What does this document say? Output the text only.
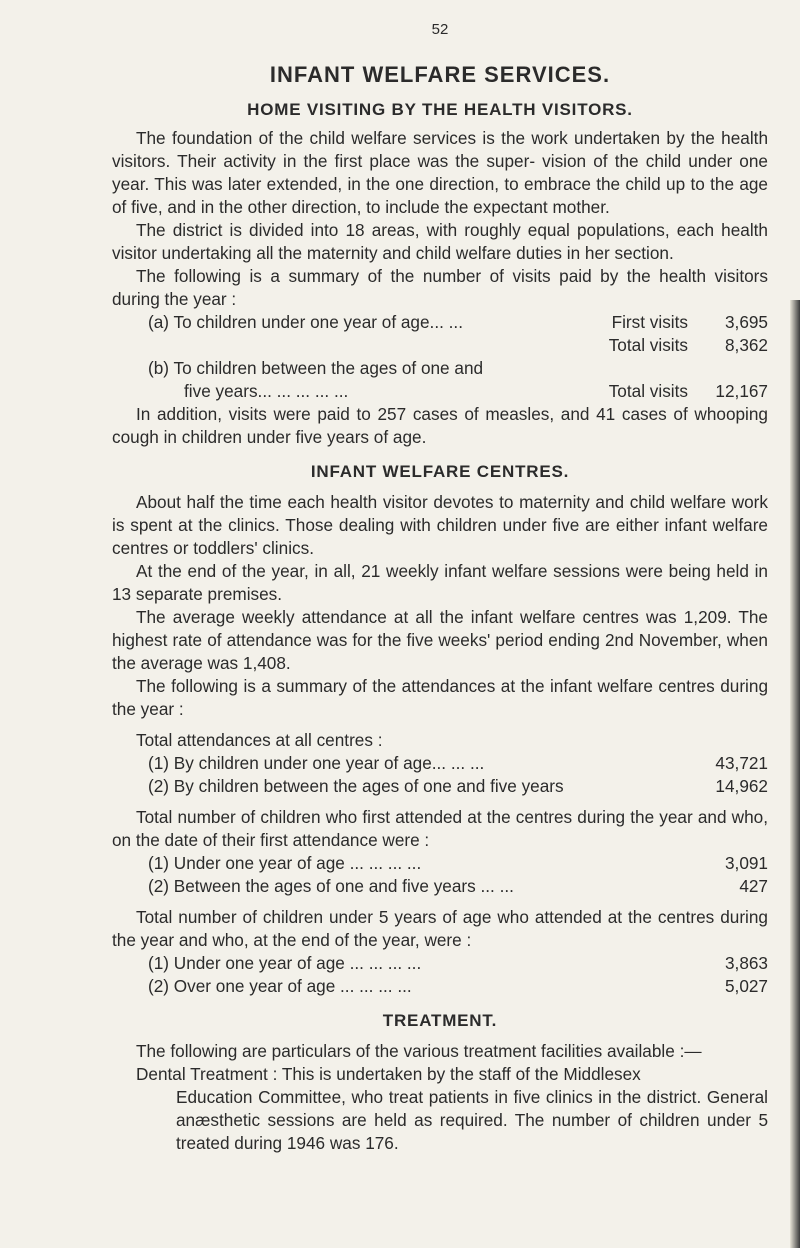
52
INFANT WELFARE SERVICES.
HOME VISITING BY THE HEALTH VISITORS.

The foundation of the child welfare services is the work undertaken by the health visitors. Their activity in the first place was the super- vision of the child under one year. This was later extended, in the one direction, to embrace the child up to the age of five, and in the other direction, to include the expectant mother.

The district is divided into 18 areas, with roughly equal populations, each health visitor undertaking all the maternity and child welfare duties in her section.

The following is a summary of the number of visits paid by the health visitors during the year :

(a) To children under one year of age... ...	First visits	3,695
Total visits	8,362
(b) To children between the ages of one and
five years... ... ... ... ...	Total visits	12,167

In addition, visits were paid to 257 cases of measles, and 41 cases of whooping cough in children under five years of age.

INFANT WELFARE CENTRES.

About half the time each health visitor devotes to maternity and child welfare work is spent at the clinics. Those dealing with children under five are either infant welfare centres or toddlers' clinics.

At the end of the year, in all, 21 weekly infant welfare sessions were being held in 13 separate premises.

The average weekly attendance at all the infant welfare centres was 1,209. The highest rate of attendance was for the five weeks' period ending 2nd November, when the average was 1,408.

The following is a summary of the attendances at the infant welfare centres during the year :

Total attendances at all centres :
(1) By children under one year of age... ... ...	43,721
(2) By children between the ages of one and five years	14,962

Total number of children who first attended at the centres during the year and who, on the date of their first attendance were :

(1) Under one year of age ... ... ... ...	3,091
(2) Between the ages of one and five years ... ...	427

Total number of children under 5 years of age who attended at the centres during the year and who, at the end of the year, were :

(1) Under one year of age ... ... ... ...	3,863
(2) Over one year of age ... ... ... ...	5,027
TREATMENT.

The following are particulars of the various treatment facilities available :—

Dental Treatment : This is undertaken by the staff of the Middlesex
Education Committee, who treat patients in five clinics in the district. General anæsthetic sessions are held as required. The number of children under 5 treated during 1946 was 176.
